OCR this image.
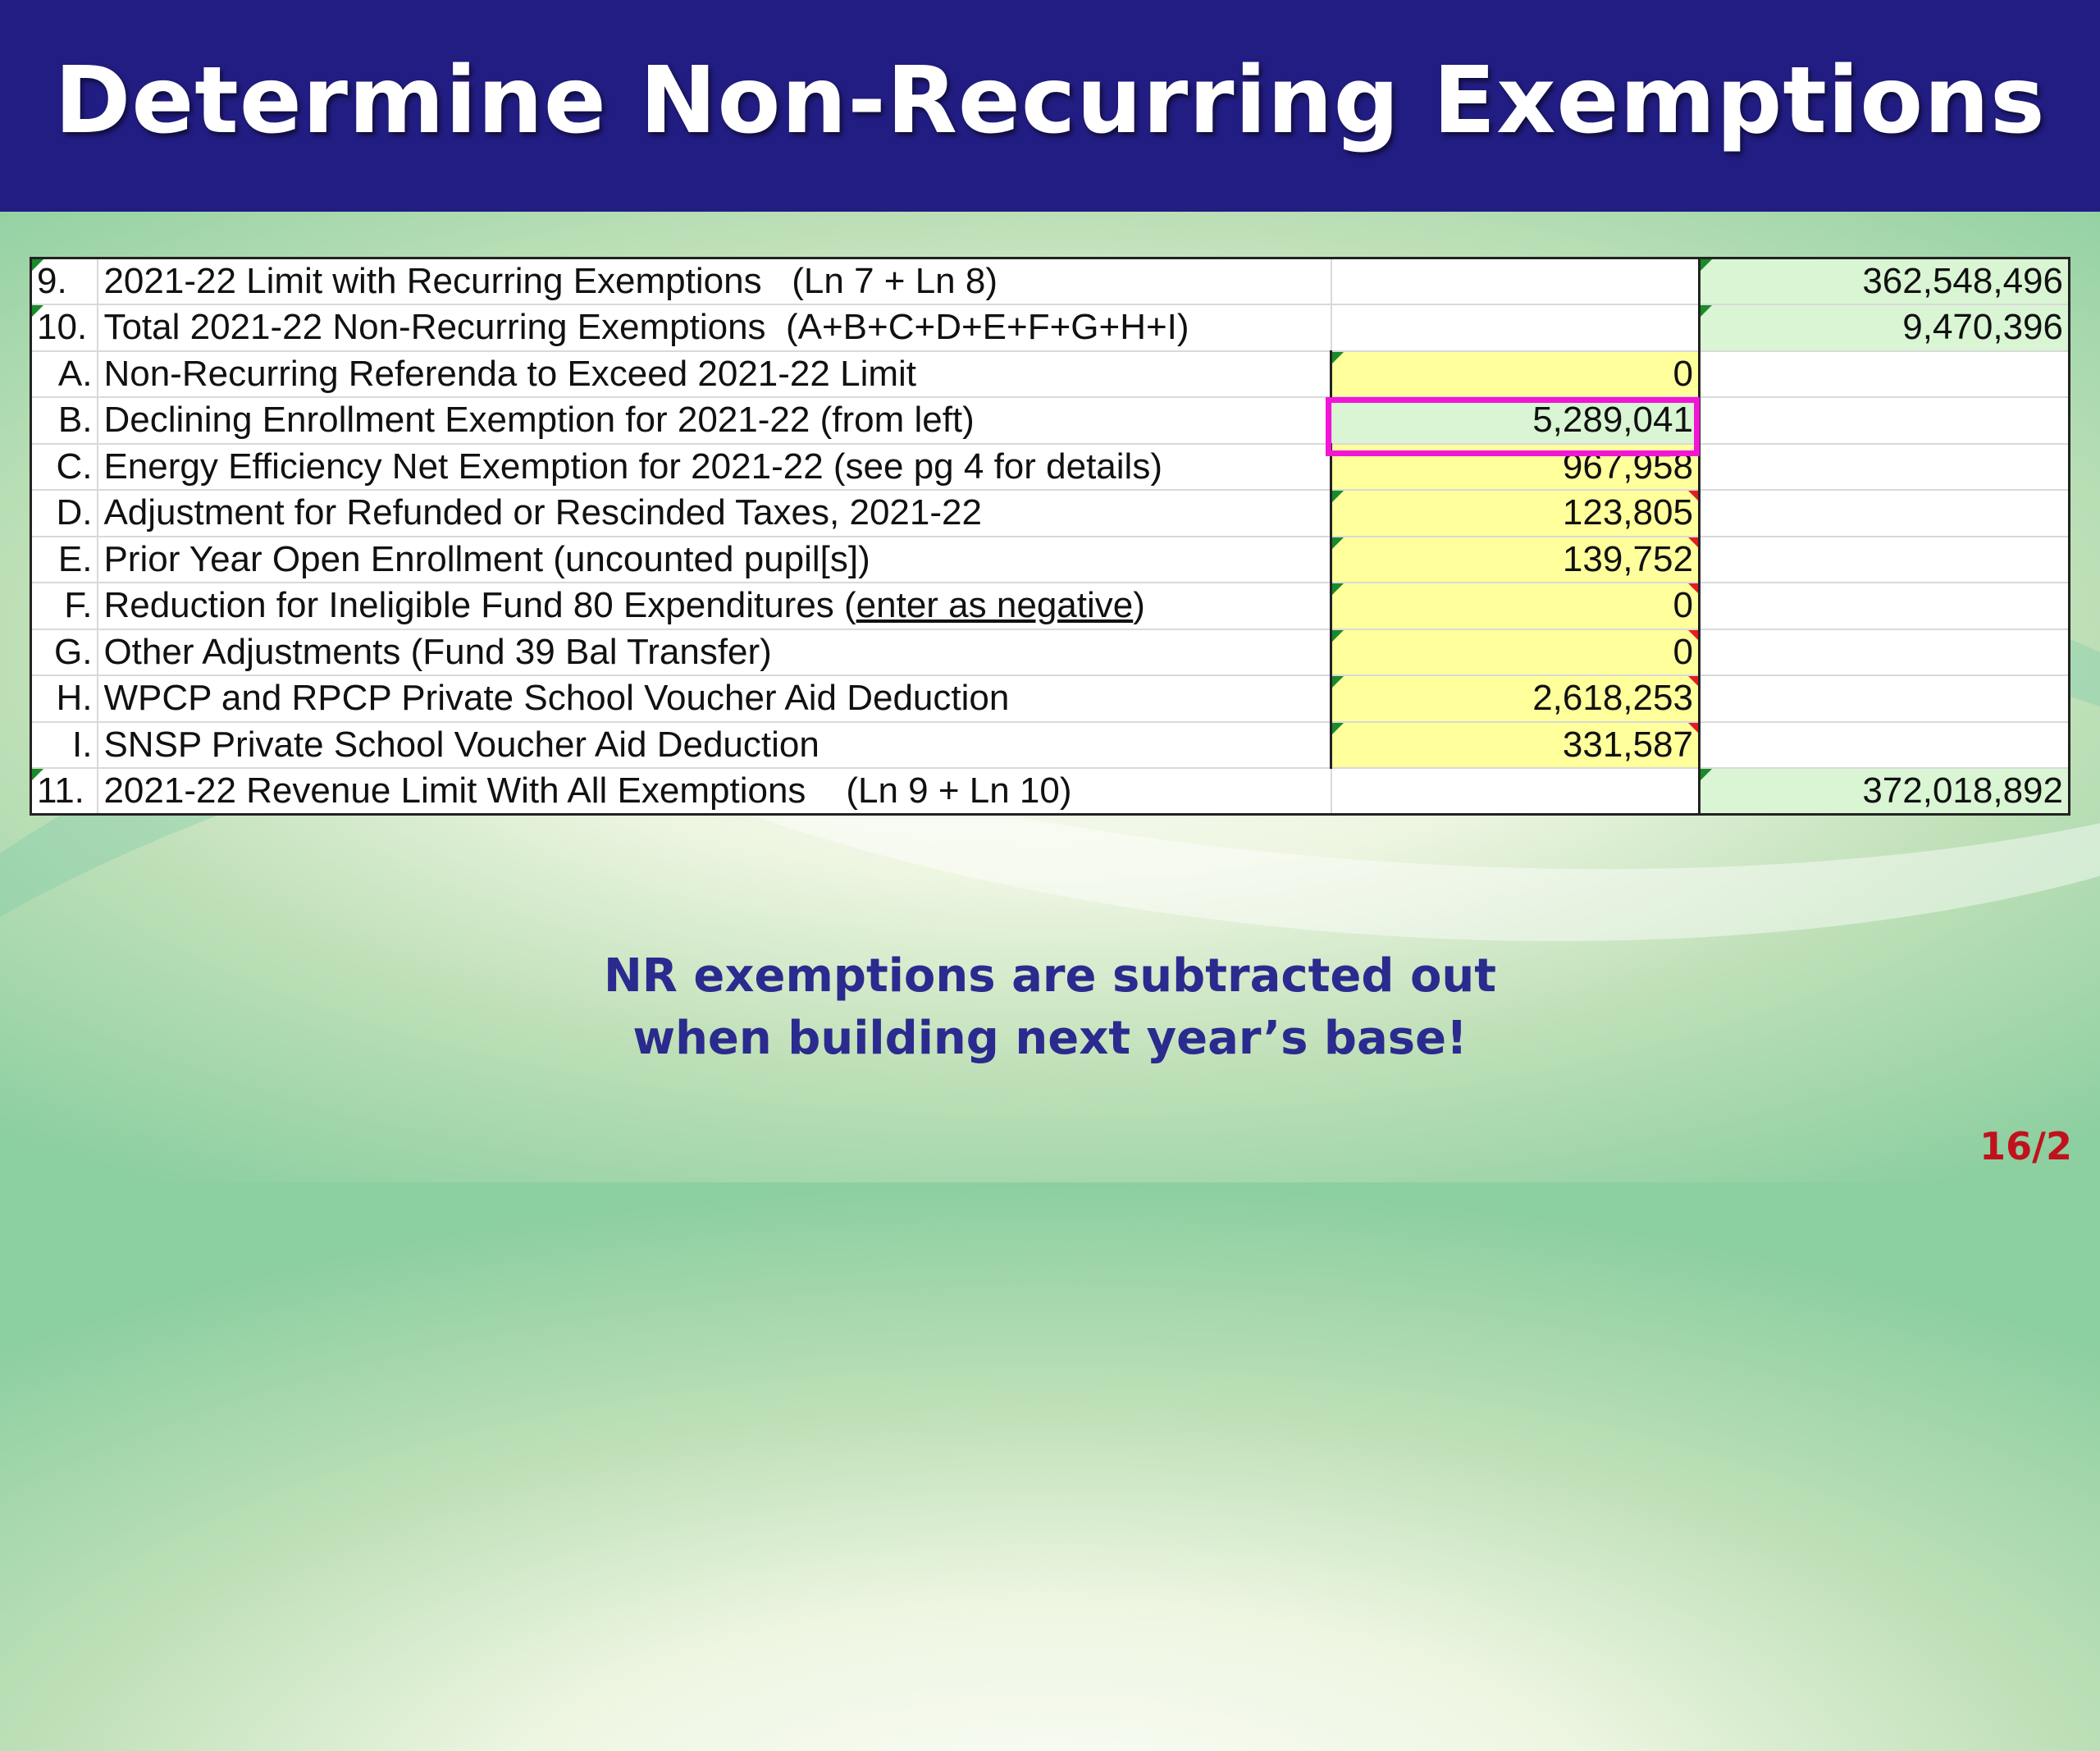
Determine Non-Recurring Exemptions
9.	2021-22 Limit with Recurring Exemptions   (Ln 7 + Ln 8)		362,548,496

10.	Total 2021-22 Non-Recurring Exemptions  (A+B+C+D+E+F+G+H+I)		9,470,396
A.	Non-Recurring Referenda to Exceed 2021-22 Limit	0	
B.	Declining Enrollment Exemption for 2021-22 (from left)	5,289,041	
C.	Energy Efficiency Net Exemption for 2021-22 (see pg 4 for details)	967,958	
D.	Adjustment for Refunded or Rescinded Taxes, 2021-22	123,805	
E.	Prior Year Open Enrollment (uncounted pupil[s])	139,752	
F.	Reduction for Ineligible Fund 80 Expenditures (enter as negative)	0	
G.	Other Adjustments (Fund 39 Bal Transfer)	0	
H.	WPCP and RPCP Private School Voucher Aid Deduction	2,618,253	
I.	SNSP Private School Voucher Aid Deduction	331,587	

11.	2021-22 Revenue Limit With All Exemptions    (Ln 9 + Ln 10)		372,018,892
NR exemptions are subtracted out
when building next year’s base!
16/2
